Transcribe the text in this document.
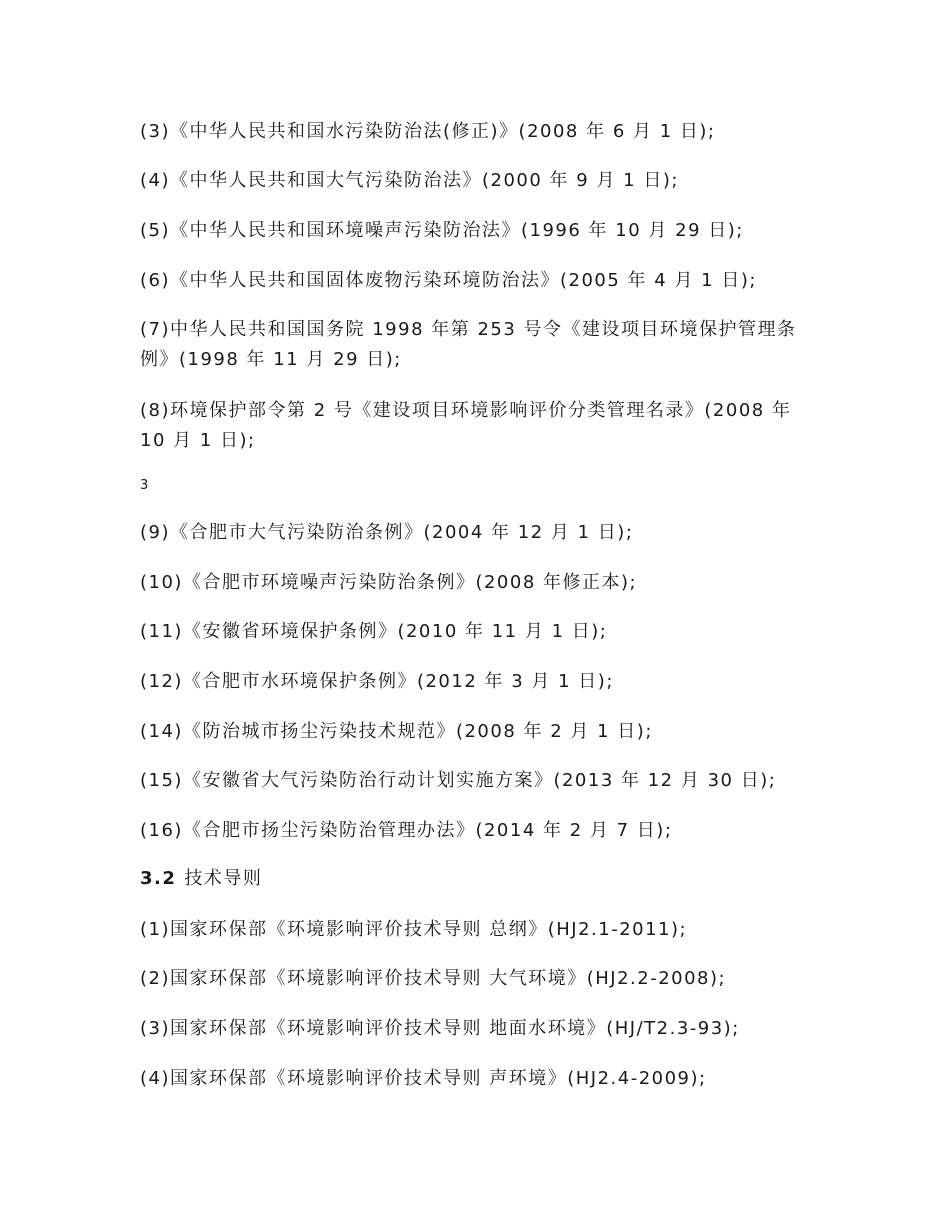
(3)《中华人民共和国水污染防治法(修正)》(2008 年 6 月 1 日);
(4)《中华人民共和国大气污染防治法》(2000 年 9 月 1 日);
(5)《中华人民共和国环境噪声污染防治法》(1996 年 10 月 29 日);
(6)《中华人民共和国固体废物污染环境防治法》(2005 年 4 月 1 日);
(7)中华人民共和国国务院 1998 年第 253 号令《建设项目环境保护管理条例》(1998 年 11 月 29 日);
(8)环境保护部令第 2 号《建设项目环境影响评价分类管理名录》(2008 年 10 月 1 日);
3
(9)《合肥市大气污染防治条例》(2004 年 12 月 1 日);
(10)《合肥市环境噪声污染防治条例》(2008 年修正本);
(11)《安徽省环境保护条例》(2010 年 11 月 1 日);
(12)《合肥市水环境保护条例》(2012 年 3 月 1 日);
(14)《防治城市扬尘污染技术规范》(2008 年 2 月 1 日);
(15)《安徽省大气污染防治行动计划实施方案》(2013 年 12 月 30 日);
(16)《合肥市扬尘污染防治管理办法》(2014 年 2 月 7 日);
3.2 技术导则
(1)国家环保部《环境影响评价技术导则 总纲》(HJ2.1-2011);
(2)国家环保部《环境影响评价技术导则 大气环境》(HJ2.2-2008);
(3)国家环保部《环境影响评价技术导则 地面水环境》(HJ/T2.3-93);
(4)国家环保部《环境影响评价技术导则 声环境》(HJ2.4-2009);
